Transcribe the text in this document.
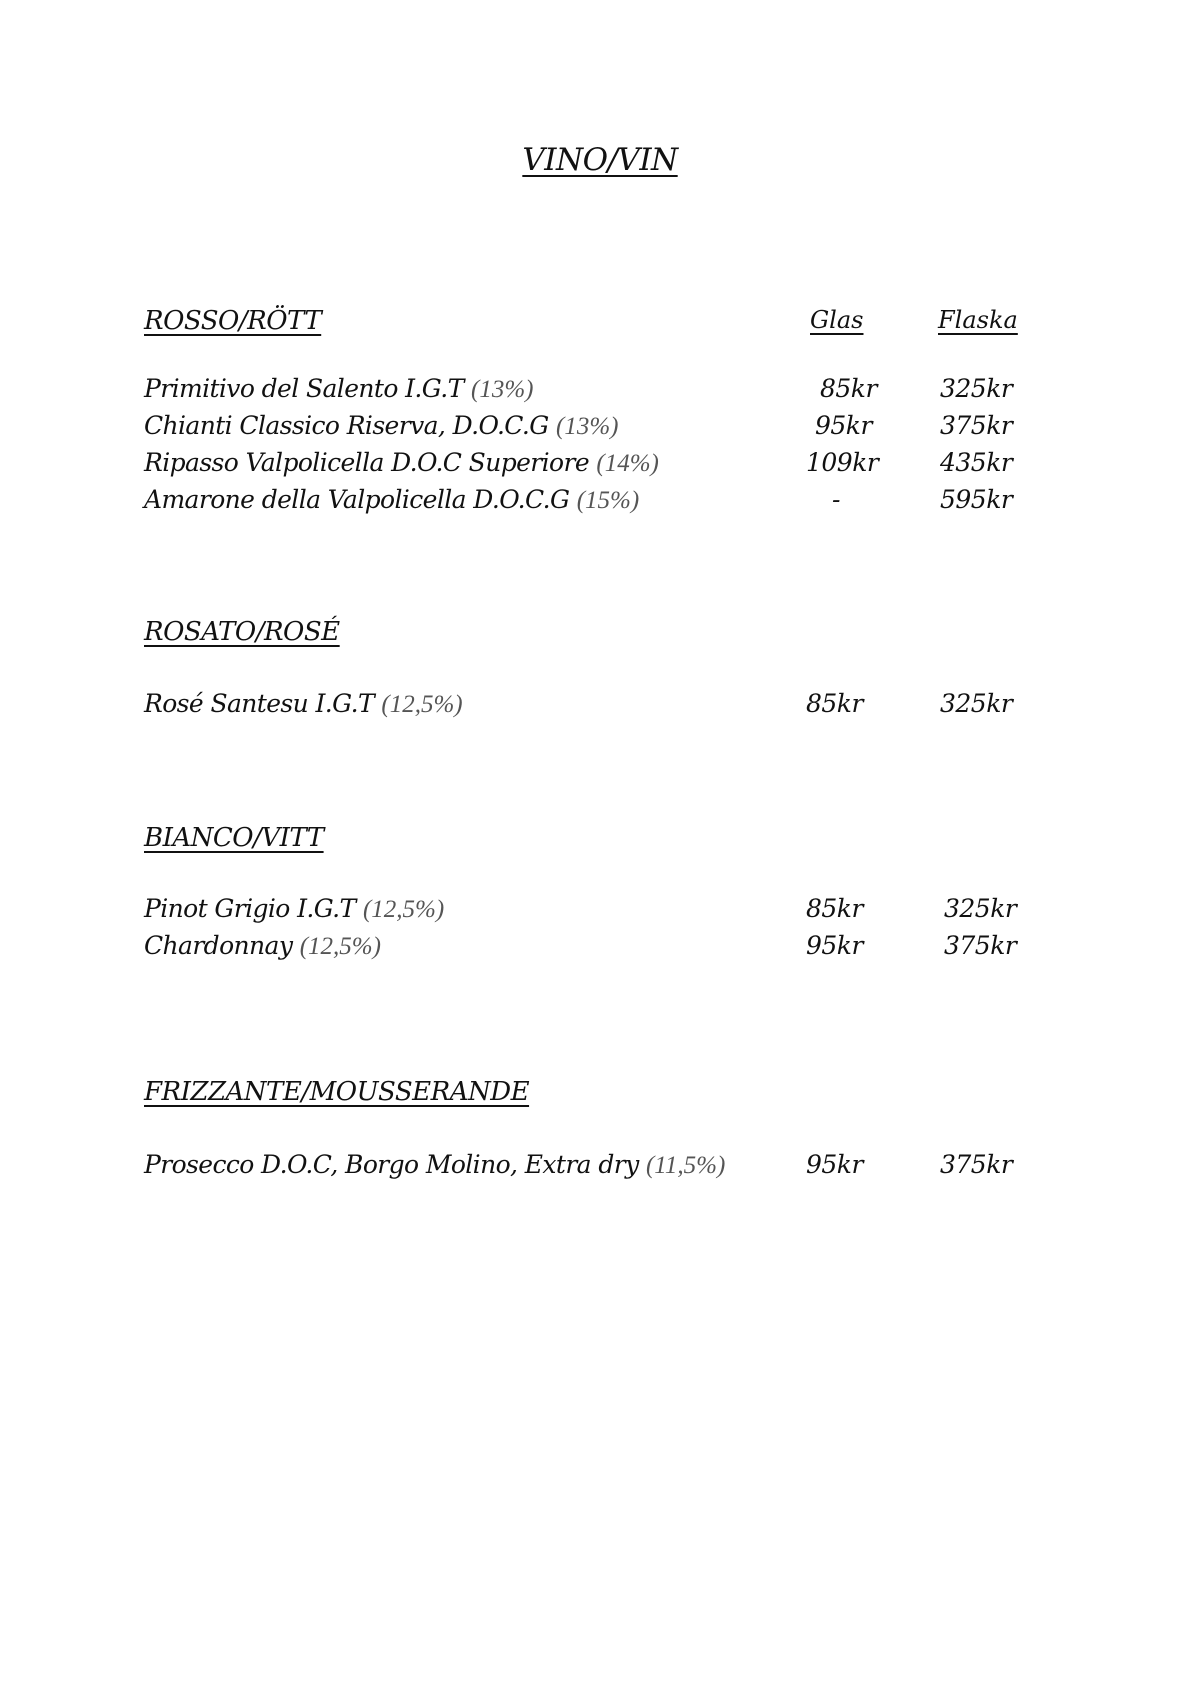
VINO/VIN
Glas	Flaska
ROSSO/RÖTT
Primitivo del Salento I.G.T (13%)	85kr	325kr
Chianti Classico Riserva, D.O.C.G (13%)	95kr	375kr
Ripasso Valpolicella D.O.C Superiore (14%)	109kr 435kr
Amarone della Valpolicella D.O.C.G (15%)	-	595kr
ROSATO/ROSÉ
Rosé Santesu I.G.T (12,5%)	85kr	325kr
BIANCO/VITT
Pinot Grigio I.G.T (12,5%)	85kr	325kr
Chardonnay (12,5%)	95kr	375kr
FRIZZANTE/MOUSSERANDE
Prosecco D.O.C, Borgo Molino, Extra dry (11,5%)	95kr	375kr
